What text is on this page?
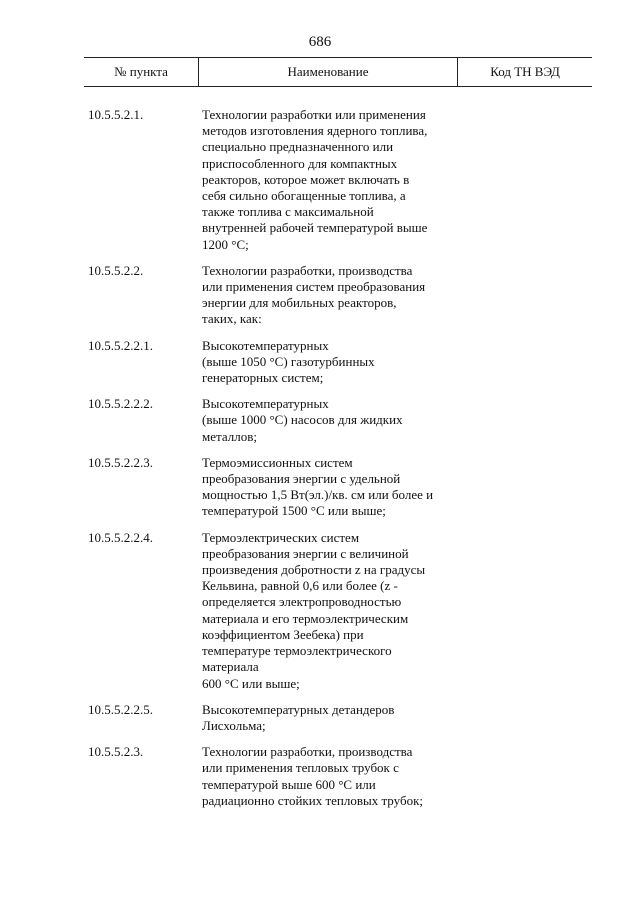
686
№ пункта	Наименование	Код ТН ВЭД
10.5.5.2.1.	Технологии разработки или применения
методов изготовления ядерного топлива,
специально предназначенного или
приспособленного для компактных
реакторов, которое может включать в
себя сильно обогащенные топлива, а
также топлива с максимальной
внутренней рабочей температурой выше
1200 °С;
10.5.5.2.2.	Технологии разработки, производства
или применения систем преобразования
энергии для мобильных реакторов,
таких, как:
10.5.5.2.2.1.	Высокотемпературных
(выше 1050 °С) газотурбинных
генераторных систем;
10.5.5.2.2.2.	Высокотемпературных
(выше 1000 °С) насосов для жидких
металлов;
10.5.5.2.2.3.	Термоэмиссионных систем
преобразования энергии с удельной
мощностью 1,5 Вт(эл.)/кв. см или более и
температурой 1500 °С или выше;
10.5.5.2.2.4.	Термоэлектрических систем
преобразования энергии с величиной
произведения добротности z на градусы
Кельвина, равной 0,6 или более (z -
определяется электропроводностью
материала и его термоэлектрическим
коэффициентом Зеебека) при
температуре термоэлектрического
материала
600 °С или выше;
10.5.5.2.2.5.	Высокотемпературных детандеров
Лисхольма;
10.5.5.2.3.	Технологии разработки, производства
или применения тепловых трубок с
температурой выше 600 °С или
радиационно стойких тепловых трубок;
